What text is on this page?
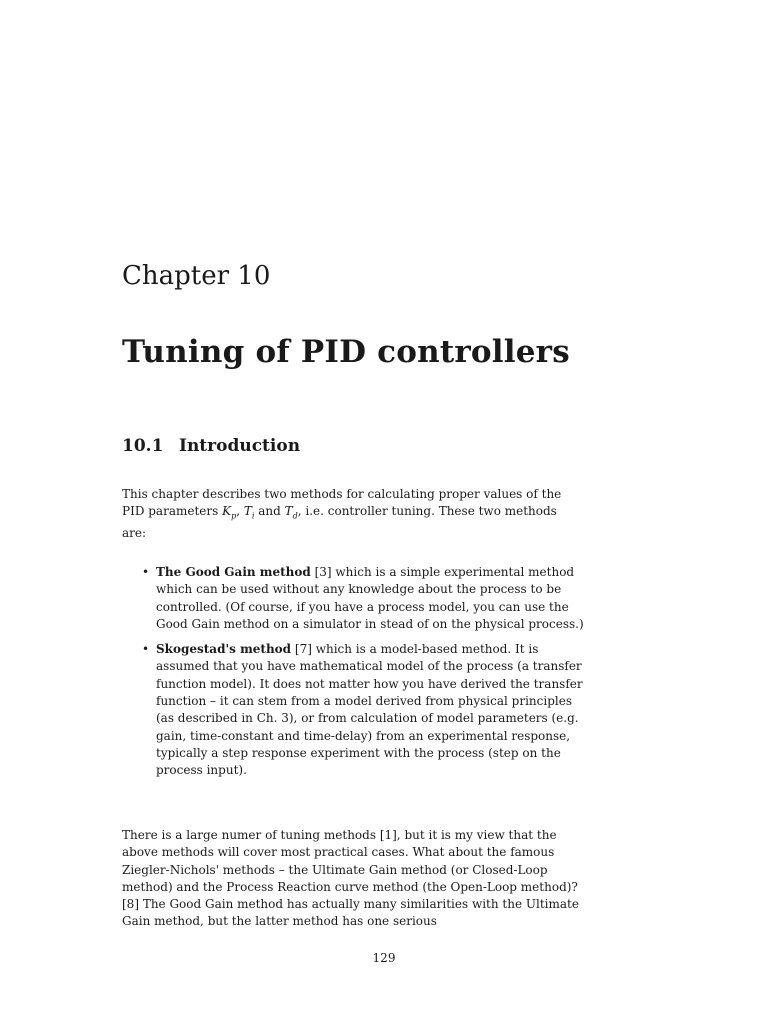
Chapter 10
Tuning of PID controllers
10.1 Introduction

This chapter describes two methods for calculating proper values of the PID parameters $K_p$, $T_i$ and $T_d$, i.e. controller tuning. These two methods are:

• The Good Gain method [3] which is a simple experimental method which can be used without any knowledge about the process to be controlled. (Of course, if you have a process model, you can use the Good Gain method on a simulator in stead of on the physical process.)
• Skogestad's method [7] which is a model-based method. It is assumed that you have mathematical model of the process (a transfer function model). It does not matter how you have derived the transfer function – it can stem from a model derived from physical principles (as described in Ch. 3), or from calculation of model parameters (e.g. gain, time-constant and time-delay) from an experimental response, typically a step response experiment with the process (step on the process input).

There is a large numer of tuning methods [1], but it is my view that the above methods will cover most practical cases. What about the famous Ziegler-Nichols' methods – the Ultimate Gain method (or Closed-Loop method) and the Process Reaction curve method (the Open-Loop method)?[8] The Good Gain method has actually many similarities with the Ultimate Gain method, but the latter method has one serious

129
